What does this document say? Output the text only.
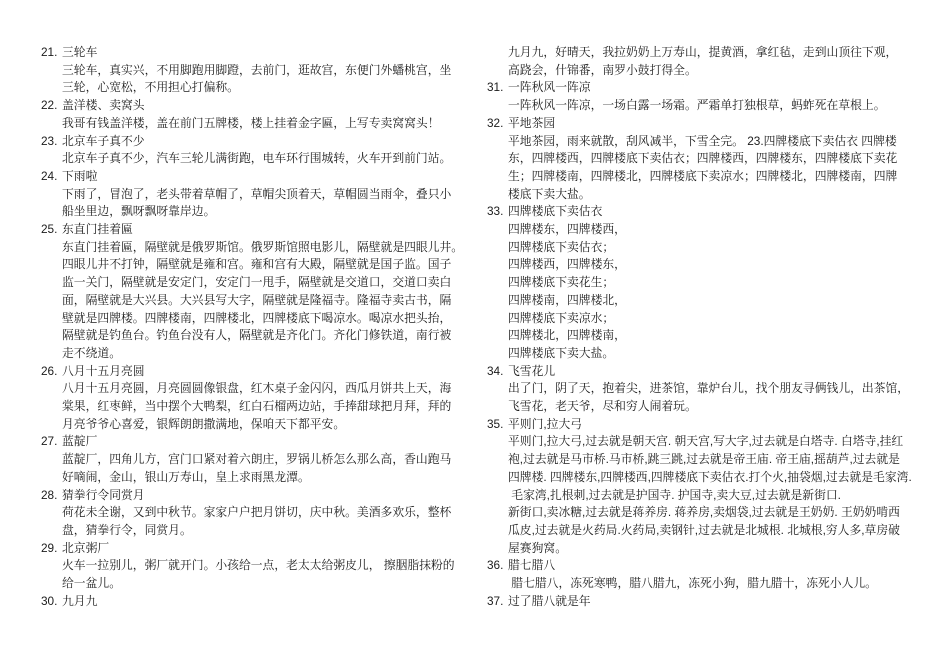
21. 三轮车
三轮车，真实兴，不用脚跑用脚蹬，去前门，逛故宫，东便门外蟠桃宫，坐
三轮，心宽松，不用担心打偏称。
22. 盖洋楼、卖窝头
我哥有钱盖洋楼，盖在前门五牌楼，楼上挂着金字匾，上写专卖窝窝头！
23. 北京车子真不少
北京车子真不少，汽车三轮儿满街跑，电车环行围城转，火车开到前门站。
24. 下雨啦
下雨了，冒泡了，老头带着草帽了，草帽尖顶着天，草帽圆当雨伞，叠只小
船坐里边，飘呀飘呀靠岸边。
25. 东直门挂着匾
东直门挂着匾，隔壁就是俄罗斯馆。俄罗斯馆照电影儿，隔壁就是四眼儿井。
四眼儿井不打钟，隔壁就是雍和宫。雍和宫有大殿，隔壁就是国子监。国子
监一关门，隔壁就是安定门，安定门一甩手，隔壁就是交道口，交道口卖白
面，隔壁就是大兴县。大兴县写大字，隔壁就是隆福寺。隆福寺卖古书，隔
壁就是四牌楼。四牌楼南，四牌楼北，四牌楼底下喝凉水。喝凉水把头抬，
隔壁就是钓鱼台。钓鱼台没有人，隔壁就是齐化门。齐化门修铁道，南行被
走不绕道。
26. 八月十五月亮圆
八月十五月亮圆，月亮圆圆像银盘，红木桌子金闪闪，西瓜月饼共上天，海
棠果，红枣鲜，当中摆个大鸭梨，红白石榴两边站，手捧甜球把月拜，拜的
月亮爷爷心喜爱，银辉朗朗撒满地，保咱天下都平安。
27. 蓝靛厂
蓝靛厂，四角儿方，宫门口紧对着六朗庄，罗锅儿桥怎么那么高，香山跑马
好嘀闹，金山，银山万寿山，皇上求雨黑龙潭。
28. 猜拳行令同赏月
荷花未全谢，又到中秋节。家家户户把月饼切，庆中秋。美酒多欢乐，整杯
盘，猜拳行令，同赏月。
29. 北京粥厂
火车一拉别儿，粥厂就开门。小孩给一点，老太太给粥皮儿， 擦胭脂抹粉的
给一盆儿。
30. 九月九
九月九，好晴天，我拉奶奶上万寿山，提黄酒，拿红毡，走到山顶往下观，
高跷会，什锦番，南罗小鼓打得全。
31. 一阵秋风一阵凉
一阵秋风一阵凉，一场白露一场霜。严霜单打独根草，蚂蚱死在草根上。
32. 平地茶园
平地茶园，雨来就散，刮风减半，下雪全完。 23.四牌楼底下卖估衣 四牌楼
东，四牌楼西，四牌楼底下卖估衣；四牌楼西，四牌楼东，四牌楼底下卖花
生；四牌楼南，四牌楼北，四牌楼底下卖凉水；四牌楼北，四牌楼南，四牌
楼底下卖大盐。
33. 四牌楼底下卖估衣
四牌楼东，四牌楼西，
四牌楼底下卖估衣；
四牌楼西，四牌楼东，
四牌楼底下卖花生；
四牌楼南，四牌楼北，
四牌楼底下卖凉水；
四牌楼北，四牌楼南，
四牌楼底下卖大盐。
34. 飞雪花儿
出了门，阴了天，抱着尖，进茶馆，靠炉台儿，找个朋友寻俩钱儿，出茶馆，
飞雪花，老天爷，尽和穷人闹着玩。
35. 平则门,拉大弓
平则门,拉大弓,过去就是朝天宫. 朝天宫,写大字,过去就是白塔寺. 白塔寺,挂红
袍,过去就是马市桥.马市桥,跳三跳,过去就是帝王庙. 帝王庙,摇葫芦,过去就是
四牌楼. 四牌楼东,四牌楼西,四牌楼底下卖估衣.打个火,抽袋烟,过去就是毛家湾.
毛家湾,扎根刺,过去就是护国寺. 护国寺,卖大豆,过去就是新街口.
新街口,卖冰糖,过去就是蒋养房. 蒋养房,卖烟袋,过去就是王奶奶. 王奶奶啃西
瓜皮,过去就是火药局.火药局,卖钢针,过去就是北城根. 北城根,穷人多,草房破
屋赛狗窝。
36. 腊七腊八
腊七腊八，冻死寒鸭，腊八腊九，冻死小狗，腊九腊十，冻死小人儿。
37. 过了腊八就是年
